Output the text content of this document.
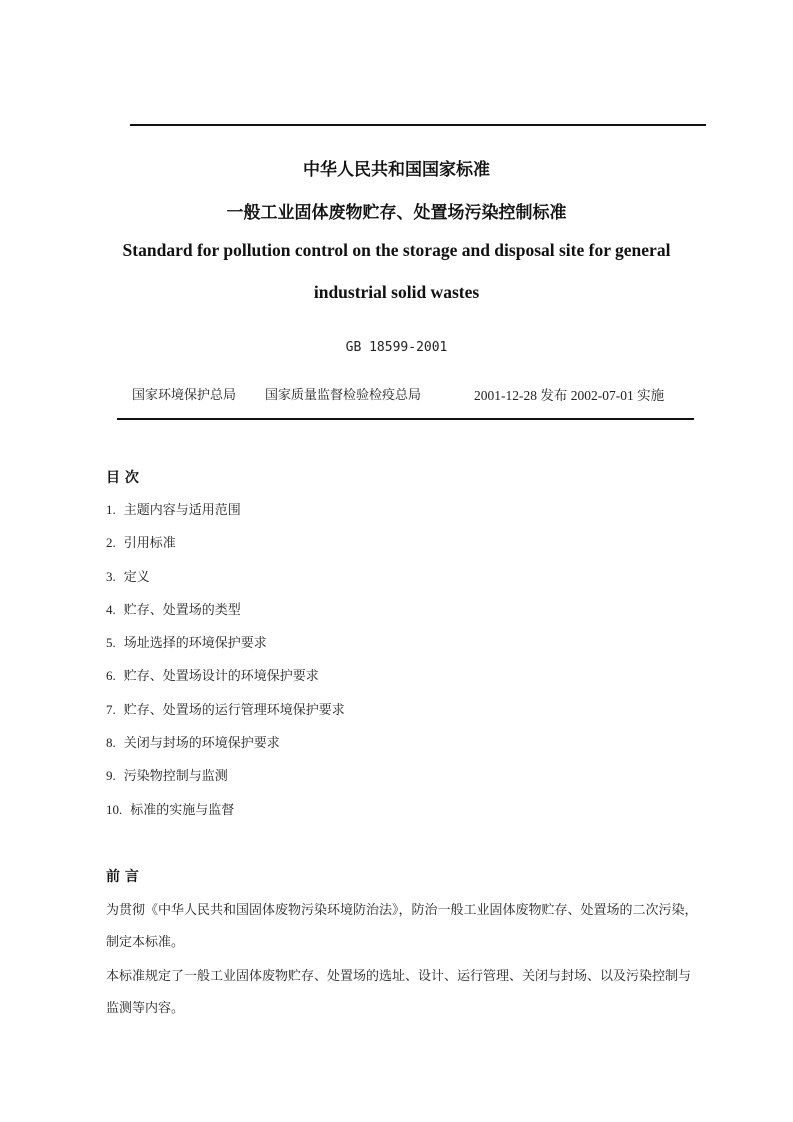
中华人民共和国国家标准
一般工业固体废物贮存、处置场污染控制标准
Standard for pollution control on the storage and disposal site for general
industrial solid wastes
GB 18599-2001
国家环境保护总局 国家质量监督检验检疫总局	2001-12-28 发布 2002-07-01 实施
目 次
1. 主题内容与适用范围
2. 引用标准
3. 定义
4. 贮存、处置场的类型
5. 场址选择的环境保护要求
6. 贮存、处置场设计的环境保护要求
7. 贮存、处置场的运行管理环境保护要求
8. 关闭与封场的环境保护要求
9. 污染物控制与监测
10. 标准的实施与监督
前 言

为贯彻《中华人民共和国固体废物污染环境防治法》，防治一般工业固体废物贮存、处置场的二次污染，制定本标准。

本标准规定了一般工业固体废物贮存、处置场的选址、设计、运行管理、关闭与封场、以及污染控制与监测等内容。
